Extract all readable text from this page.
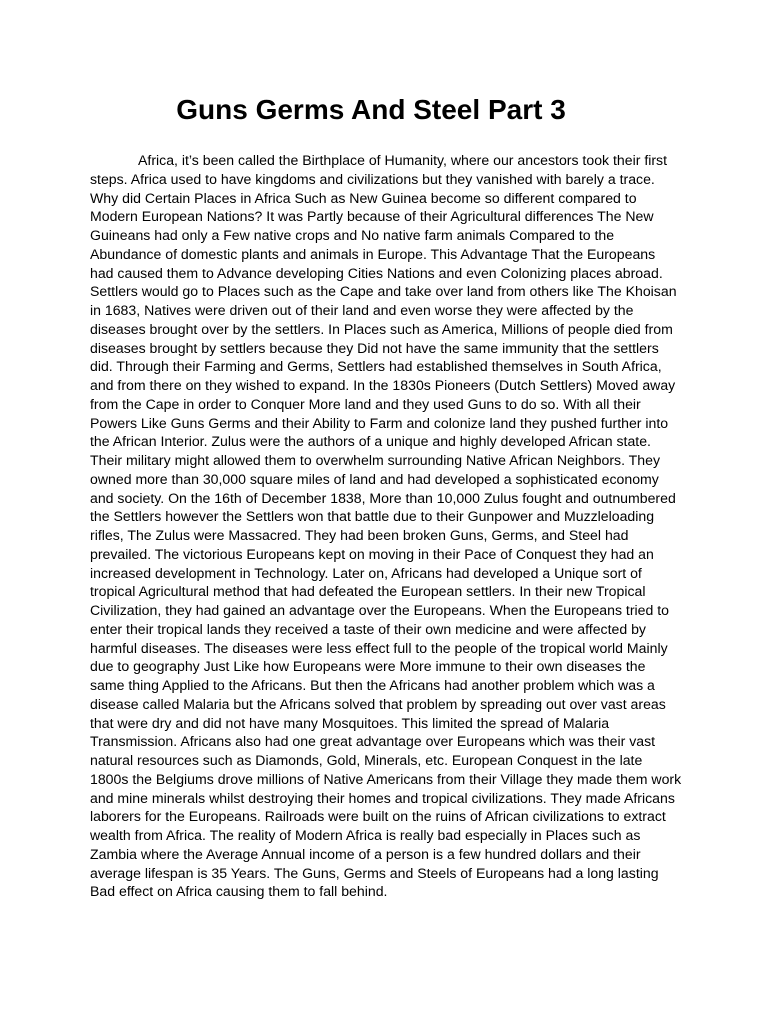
Guns Germs And Steel Part 3

Africa, it’s been called the Birthplace of Humanity, where our ancestors took their first steps. Africa used to have kingdoms and civilizations but they vanished with barely a trace. Why did Certain Places in Africa Such as New Guinea become so different compared to Modern European Nations? It was Partly because of their Agricultural differences The New Guineans had only a Few native crops and No native farm animals Compared to the Abundance of domestic plants and animals in Europe. This Advantage That the Europeans had caused them to Advance developing Cities Nations and even Colonizing places abroad. Settlers would go to Places such as the Cape and take over land from others like The Khoisan in 1683, Natives were driven out of their land and even worse they were affected by the diseases brought over by the settlers. In Places such as America, Millions of people died from diseases brought by settlers because they Did not have the same immunity that the settlers did. Through their Farming and Germs, Settlers had established themselves in South Africa, and from there on they wished to expand. In the 1830s Pioneers (Dutch Settlers) Moved away from the Cape in order to Conquer More land and they used Guns to do so. With all their Powers Like Guns Germs and their Ability to Farm and colonize land they pushed further into the African Interior. Zulus were the authors of a unique and highly developed African state. Their military might allowed them to overwhelm surrounding Native African Neighbors. They owned more than 30,000 square miles of land and had developed a sophisticated economy and society. On the 16th of December 1838, More than 10,000 Zulus fought and outnumbered the Settlers however the Settlers won that battle due to their Gunpower and Muzzleloading rifles, The Zulus were Massacred. They had been broken Guns, Germs, and Steel had prevailed. The victorious Europeans kept on moving in their Pace of Conquest they had an increased development in Technology. Later on, Africans had developed a Unique sort of tropical Agricultural method that had defeated the European settlers. In their new Tropical Civilization, they had gained an advantage over the Europeans. When the Europeans tried to enter their tropical lands they received a taste of their own medicine and were affected by harmful diseases. The diseases were less effect full to the people of the tropical world Mainly due to geography Just Like how Europeans were More immune to their own diseases the same thing Applied to the Africans. But then the Africans had another problem which was a disease called Malaria but the Africans solved that problem by spreading out over vast areas that were dry and did not have many Mosquitoes. This limited the spread of Malaria Transmission. Africans also had one great advantage over Europeans which was their vast natural resources such as Diamonds, Gold, Minerals, etc. European Conquest in the late 1800s the Belgiums drove millions of Native Americans from their Village they made them work and mine minerals whilst destroying their homes and tropical civilizations. They made Africans laborers for the Europeans. Railroads were built on the ruins of African civilizations to extract wealth from Africa. The reality of Modern Africa is really bad especially in Places such as Zambia where the Average Annual income of a person is a few hundred dollars and their average lifespan is 35 Years. The Guns, Germs and Steels of Europeans had a long lasting Bad effect on Africa causing them to fall behind.
